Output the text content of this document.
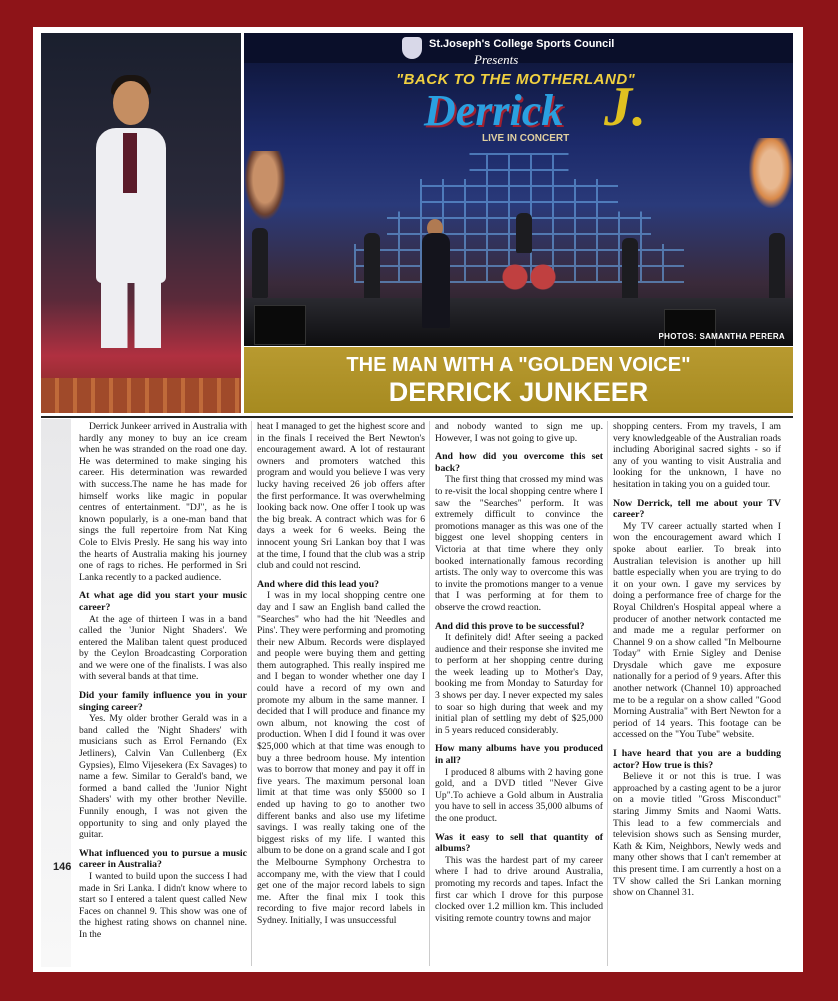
St.Joseph's College Sports Council
Presents
"BACK TO THE MOTHERLAND"
Derrick J.
LIVE IN CONCERT
PHOTOS: SAMANTHA PERERA
THE MAN WITH A "GOLDEN VOICE"
DERRICK JUNKEER
146

Derrick Junkeer arrived in Australia with hardly any money to buy an ice cream when he was stranded on the road one day. He was determined to make singing his career. His determination was rewarded with success.The name he has made for himself works like magic in popular centres of entertainment. "DJ", as he is known popularly, is a one-man band that sings the full repertoire from Nat King Cole to Elvis Presly. He sang his way into the hearts of Australia making his journey one of rags to riches. He performed in Sri Lanka recently to a packed audience.

At what age did you start your music career?

At the age of thirteen I was in a band called the 'Junior Night Shaders'. We entered the Maliban talent quest produced by the Ceylon Broadcasting Corporation and we were one of the finalists. I was also with several bands at that time.

Did your family influence you in your singing career?

Yes. My older brother Gerald was in a band called the 'Night Shaders' with musicians such as Errol Fernando (Ex Jetliners), Calvin Van Cullenberg (Ex Gypsies), Elmo Vijesekera (Ex Savages) to name a few. Similar to Gerald's band, we formed a band called the 'Junior Night Shaders' with my other brother Neville. Funnily enough, I was not given the opportunity to sing and only played the guitar.

What influenced you to pursue a music career in Australia?

I wanted to build upon the success I had made in Sri Lanka. I didn't know where to start so I entered a talent quest called New Faces on channel 9. This show was one of the highest rating shows on channel nine. In the

heat I managed to get the highest score and in the finals I received the Bert Newton's encouragement award. A lot of restaurant owners and promoters watched this program and would you believe I was very lucky having received 26 job offers after the first performance. It was overwhelming looking back now. One offer I took up was the big break. A contract which was for 6 days a week for 6 weeks. Being the innocent young Sri Lankan boy that I was at the time, I found that the club was a strip club and could not rescind.

And where did this lead you?

I was in my local shopping centre one day and I saw an English band called the "Searches" who had the hit 'Needles and Pins'. They were performing and promoting their new Album. Records were displayed and people were buying them and getting them autographed. This really inspired me and I began to wonder whether one day I could have a record of my own and promote my album in the same manner. I decided that I will produce and finance my own album, not knowing the cost of production. When I did I found it was over $25,000 which at that time was enough to buy a three bedroom house. My intention was to borrow that money and pay it off in five years. The maximum personal loan limit at that time was only $5000 so I ended up having to go to another two different banks and also use my lifetime savings. I was really taking one of the biggest risks of my life. I wanted this album to be done on a grand scale and I got the Melbourne Symphony Orchestra to accompany me, with the view that I could get one of the major record labels to sign me. After the final mix I took this recording to five major record labels in Sydney. Initially, I was unsuccessful

and nobody wanted to sign me up. However, I was not going to give up.

And how did you overcome this set back?

The first thing that crossed my mind was to re-visit the local shopping centre where I saw the "Searches" perform. It was extremely difficult to convince the promotions manager as this was one of the biggest one level shopping centers in Victoria at that time where they only booked internationally famous recording artists. The only way to overcome this was to invite the promotions manger to a venue that I was performing at for them to observe the crowd reaction.

And did this prove to be successful?

It definitely did! After seeing a packed audience and their response she invited me to perform at her shopping centre during the week leading up to Mother's Day, booking me from Monday to Saturday for 3 shows per day. I never expected my sales to soar so high during that week and my initial plan of settling my debt of $25,000 in 5 years reduced considerably.

How many albums have you produced in all?

I produced 8 albums with 2 having gone gold, and a DVD titled "Never Give Up".To achieve a Gold album in Australia you have to sell in access 35,000 albums of the one product.

Was it easy to sell that quantity of albums?

This was the hardest part of my career where I had to drive around Australia, promoting my records and tapes. Infact the first car which I drove for this purpose clocked over 1.2 million km. This included visiting remote country towns and major

shopping centers. From my travels, I am very knowledgeable of the Australian roads including Aboriginal sacred sights - so if any of you wanting to visit Australia and looking for the unknown, I have no hesitation in taking you on a guided tour.

Now Derrick, tell me about your TV career?

My TV career actually started when I won the encouragement award which I spoke about earlier. To break into Australian television is another up hill battle especially when you are trying to do it on your own. I gave my services by doing a performance free of charge for the Royal Children's Hospital appeal where a producer of another network contacted me and made me a regular performer on Channel 9 on a show called "In Melbourne Today" with Ernie Sigley and Denise Drysdale which gave me exposure nationally for a period of 9 years. After this another network (Channel 10) approached me to be a regular on a show called "Good Morning Australia" with Bert Newton for a period of 14 years. This footage can be accessed on the "You Tube" website.

I have heard that you are a budding actor? How true is this?

Believe it or not this is true. I was approached by a casting agent to be a juror on a movie titled "Gross Misconduct" staring Jimmy Smits and Naomi Watts. This lead to a few commercials and television shows such as Sensing murder, Kath & Kim, Neighbors, Newly weds and many other shows that I can't remember at this present time. I am currently a host on a TV show called the Sri Lankan morning show on Channel 31.
